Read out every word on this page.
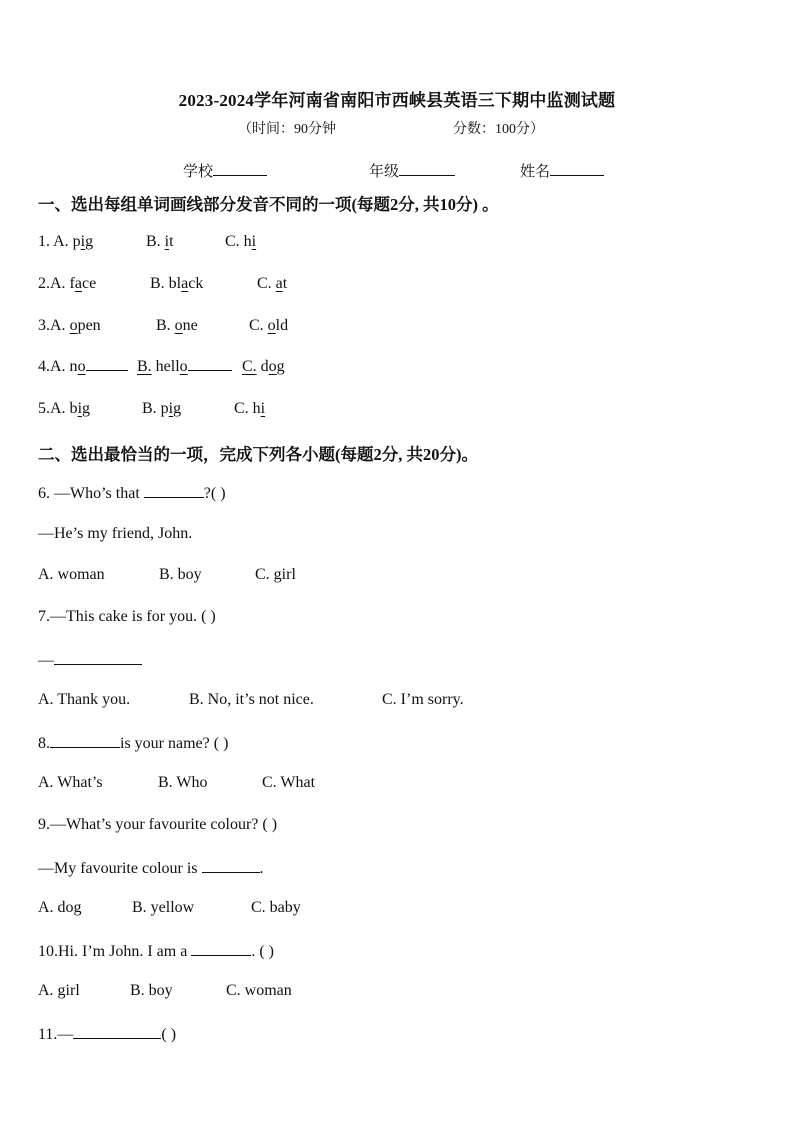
2023-2024学年河南省南阳市西峡县英语三下期中监测试题
（时间：90分钟	分数：100分）
学校	年级	姓名
一、选出每组单词画线部分发音不同的一项(每题2分, 共10分) 。
1. A. pig	B. it	C. hi
2.A. face	B. black	C. at
3.A. open	B. one	C. old
4.A. no	B. hello	C. dog
5.A. big	B. pig	C. hi
二、选出最恰当的一项，完成下列各小题(每题2分, 共20分)。
6. —Who’s that	?( )
—He’s my friend, John.
A. woman	B. boy	C. girl
7.—This cake is for you. ( )
—
A. Thank you.	B. No, it’s not nice.	C. I’m sorry.
8.	is your name? ( )
A. What’s	B. Who	C. What
9.—What’s your favourite colour? ( )
—My favourite colour is	.
A. dog	B. yellow	C. baby
10.Hi. I’m John. I am a	. ( )
A. girl	B. boy	C. woman
11.—	( )
